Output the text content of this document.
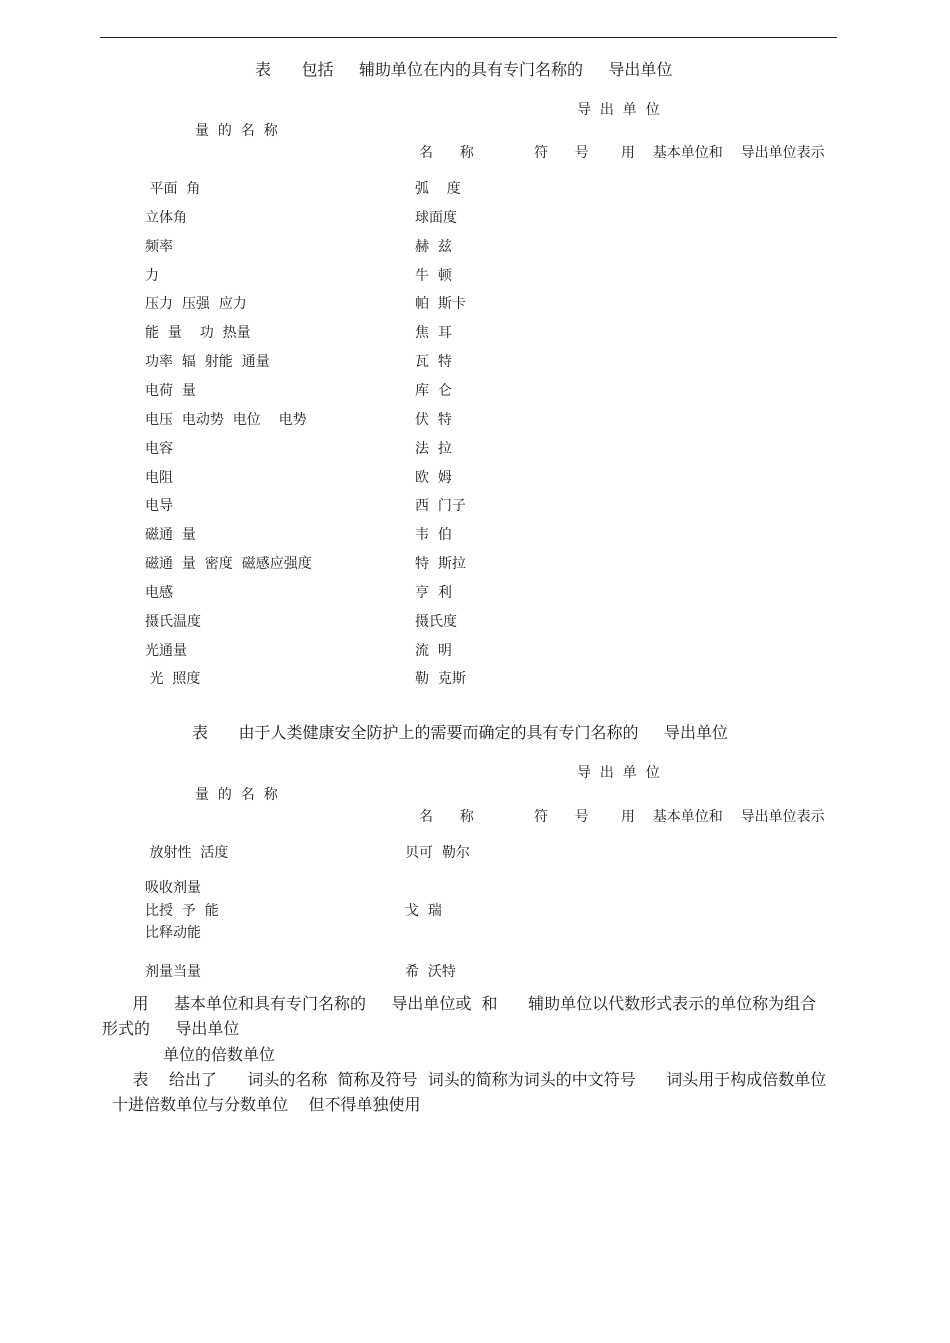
表      包括     辅助单位在内的具有专门名称的     导出单位
导  出  单  位
量  的  名  称
名      称	符      号 用    基本单位和    导出单位表示
平面  角	弧    度
立体角	球面度
频率	赫  兹
力	牛  顿
压力  压强  应力	帕  斯卡
能  量    功  热量	焦  耳
功率  辐  射能  通量	瓦  特
电荷  量	库  仑
电压  电动势  电位    电势	伏  特
电容	法  拉
电阻	欧  姆
电导	西  门子
磁通  量	韦  伯
磁通  量  密度  磁感应强度	特  斯拉
电感	亨  利
摄氏温度	摄氏度
光通量	流  明
光  照度	勒  克斯
表      由于人类健康安全防护上的需要而确定的具有专门名称的     导出单位
导  出  单  位
量  的  名  称
名      称	符      号 用    基本单位和    导出单位表示
放射性  活度	贝可  勒尔
吸收剂量
比授  予  能	戈  瑞
比释动能
剂量当量	希  沃特
用     基本单位和具有专门名称的     导出单位或  和      辅助单位以代数形式表示的单位称为组合
形式的     导出单位
单位的倍数单位
表    给出了      词头的名称  简称及符号  词头的简称为词头的中文符号      词头用于构成倍数单位
十进倍数单位与分数单位    但不得单独使用
